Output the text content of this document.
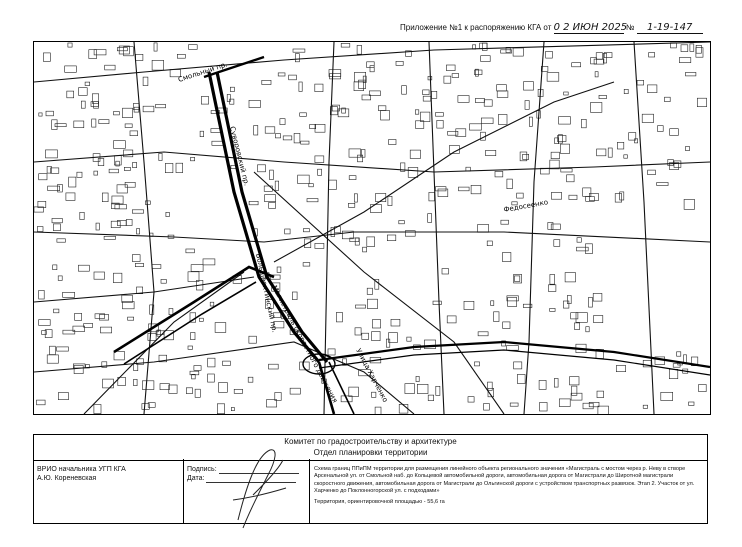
Приложение №1 к распоряжению КГА от 0 2 ИЮН 2025 № 1-19-147
Смольный пр.
Суворовский пр.
Большеохтинский пр.
Магистраль скоростного движения Улица Харченко
Федосеенко
Комитет по градостроительству и архитектуре
Отдел планировки территории
ВРИО начальника УГП КГА
А.Ю. Кореневская
Подпись:
Дата:
Схема границ ППиПМ территории для размещения линейного объекта регионального значения «Магистраль с мостом через р. Неву в створе Арсенальной ул. от Смольной наб. до Кольцевой автомобильной дороги, автомобильная дорога от Магистрали до Широтной магистрали скоростного движения, автомобильная дорога от Магистрали до Ольгинской дороги с устройством транспортных развязок. Этап 2. Участок от ул. Харченко до Поклонногорской ул. с подходами»
Территория, ориентировочной площадью - 55,6 га
